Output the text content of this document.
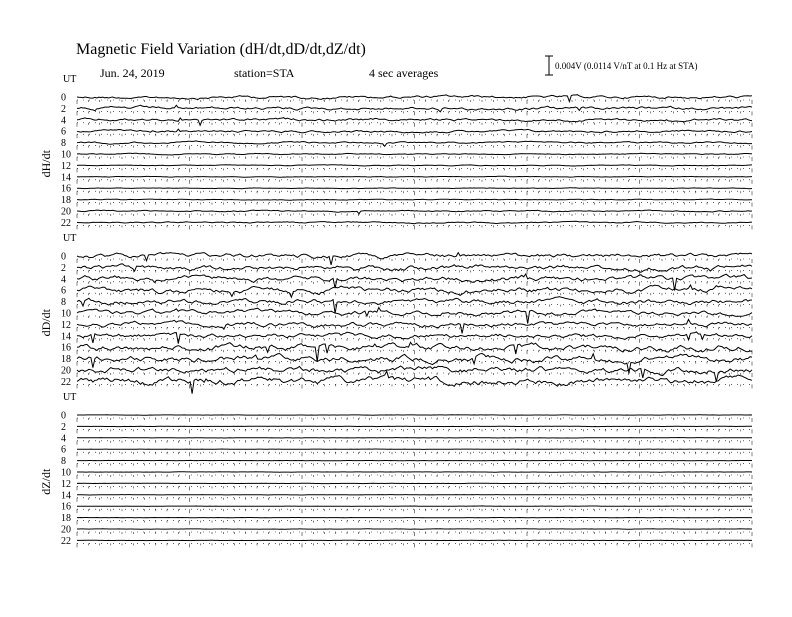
Magnetic Field Variation (dH/dt,dD/dt,dZ/dt)
Jun. 24, 2019	station=STA	4 sec averages	0.004V (0.0114 V/nT at 0.1 Hz at STA)
UT
dH/dt
0
2
4
6
8
10
12
14
16
18
20
22
UT
dD/dt
0
2
4
6
8
10
12
14
16
18
20
22
UT
dZ/dt
0
2
4
6
8
10
12
14
16
18
20
22
